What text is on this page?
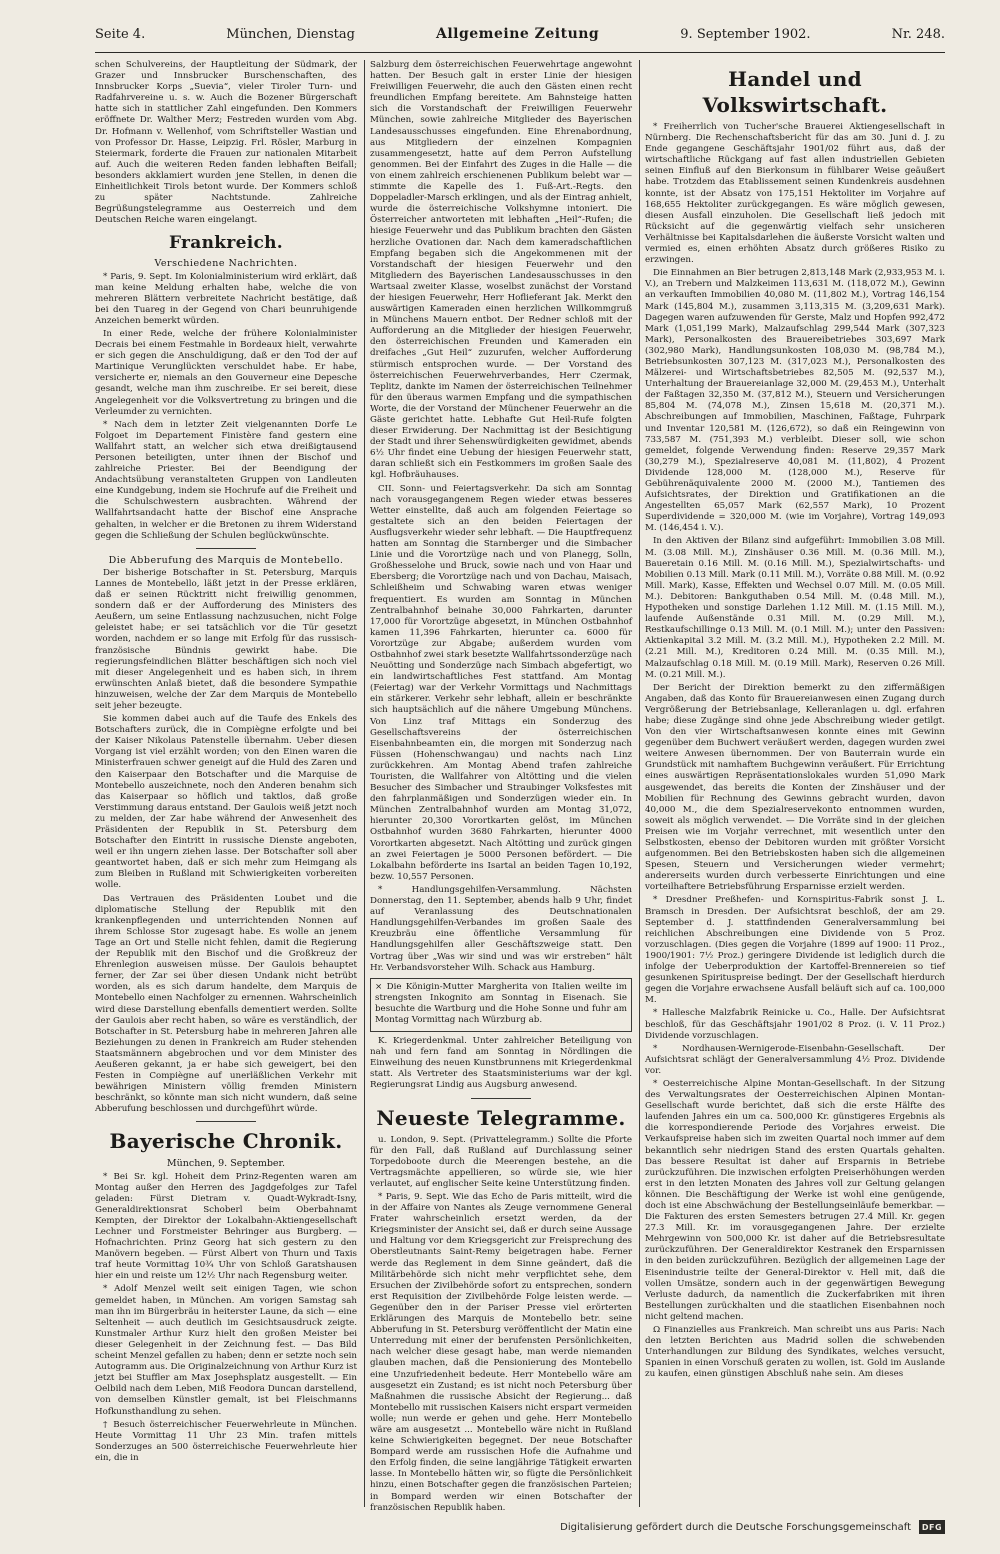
Seite 4.	München, Dienstag	Allgemeine Zeitung	9. September 1902.	Nr. 248.

schen Schulvereins, der Hauptleitung der Südmark, der Grazer und Innsbrucker Burschenschaften, des Innsbrucker Korps „Suevia“, vieler Tiroler Turn- und Radfahrvereine u. s. w. Auch die Bozener Bürgerschaft hatte sich in stattlicher Zahl eingefunden. Den Kommers eröffnete Dr. Walther Merz; Festreden wurden vom Abg. Dr. Hofmann v. Wellenhof, vom Schriftsteller Wastian und von Professor Dr. Hasse, Leipzig. Frl. Rösler, Marburg in Steiermark, forderte die Frauen zur nationalen Mitarbeit auf. Auch die weiteren Reden fanden lebhaften Beifall; besonders akklamiert wurden jene Stellen, in denen die Einheitlichkeit Tirols betont wurde. Der Kommers schloß zu später Nachtstunde. Zahlreiche Begrüßungstelegramme aus Oesterreich und dem Deutschen Reiche waren eingelangt.

Frankreich.
Verschiedene Nachrichten.

* Paris, 9. Sept. Im Kolonialministerium wird erklärt, daß man keine Meldung erhalten habe, welche die von mehreren Blättern verbreitete Nachricht bestätige, daß bei den Tuareg in der Gegend von Chari beunruhigende Anzeichen bemerkt würden.

In einer Rede, welche der frühere Kolonialminister Decrais bei einem Festmahle in Bordeaux hielt, verwahrte er sich gegen die Anschuldigung, daß er den Tod der auf Martinique Verunglückten verschuldet habe. Er habe, versicherte er, niemals an den Gouverneur eine Depesche gesandt, welche man ihm zuschreibe. Er sei bereit, diese Angelegenheit vor die Volksvertretung zu bringen und die Verleumder zu vernichten.

* Nach dem in letzter Zeit vielgenannten Dorfe Le Folgoet im Departement Finistère fand gestern eine Wallfahrt statt, an welcher sich etwa dreißigtausend Personen beteiligten, unter ihnen der Bischof und zahlreiche Priester. Bei der Beendigung der Andachtsübung veranstalteten Gruppen von Landleuten eine Kundgebung, indem sie Hochrufe auf die Freiheit und die Schulschwestern ausbrachten. Während der Wallfahrtsandacht hatte der Bischof eine Ansprache gehalten, in welcher er die Bretonen zu ihrem Widerstand gegen die Schließung der Schulen beglückwünschte.

Die Abberufung des Marquis de Montebello.

Der bisherige Botschafter in St. Petersburg, Marquis Lannes de Montebello, läßt jetzt in der Presse erklären, daß er seinen Rücktritt nicht freiwillig genommen, sondern daß er der Aufforderung des Ministers des Aeußern, um seine Entlassung nachzusuchen, nicht Folge geleistet habe; er sei tatsächlich vor die Tür gesetzt worden, nachdem er so lange mit Erfolg für das russisch-französische Bündnis gewirkt habe. Die regierungsfeindlichen Blätter beschäftigen sich noch viel mit dieser Angelegenheit und es haben sich, in ihrem erwünschten Anlaß bietet, daß die besondere Sympathie hinzuweisen, welche der Zar dem Marquis de Montebello seit jeher bezeugte.

Sie kommen dabei auch auf die Taufe des Enkels des Botschafters zurück, die in Compiègne erfolgte und bei der Kaiser Nikolaus Patenstelle übernahm. Ueber diesen Vorgang ist viel erzählt worden; von den Einen waren die Ministerfrauen schwer geneigt auf die Huld des Zaren und den Kaiserpaar den Botschafter und die Marquise de Montebello auszeichnete, noch den Anderen benahm sich das Kaiserpaar so höflich und taktlos, daß große Verstimmung daraus entstand. Der Gaulois weiß jetzt noch zu melden, der Zar habe während der Anwesenheit des Präsidenten der Republik in St. Petersburg dem Botschafter den Eintritt in russische Dienste angeboten, weil er ihn ungern ziehen lasse. Der Botschafter soll aber geantwortet haben, daß er sich mehr zum Heimgang als zum Bleiben in Rußland mit Schwierigkeiten vorbereiten wolle.

Das Vertrauen des Präsidenten Loubet und die diplomatische Stellung der Republik mit den krankenpflegenden und unterrichtenden Nonnen auf ihrem Schlosse Stor zugesagt habe. Es wolle an jenem Tage an Ort und Stelle nicht fehlen, damit die Regierung der Republik mit den Bischof und die Großkreuz der Ehrenlegion ausweisen müsse. Der Gaulois behauptet ferner, der Zar sei über diesen Undank nicht betrübt worden, als es sich darum handelte, dem Marquis de Montebello einen Nachfolger zu ernennen. Wahrscheinlich wird diese Darstellung ebenfalls dementiert werden. Sollte der Gaulois aber recht haben, so wäre es verständlich, der Botschafter in St. Petersburg habe in mehreren Jahren alle Beziehungen zu denen in Frankreich am Ruder stehenden Staatsmännern abgebrochen und vor dem Minister des Aeußeren gekannt, ja er habe sich geweigert, bei den Festen in Compiègne auf unerläßlichen Verkehr mit bewährigen Ministern völlig fremden Ministern beschränkt, so könnte man sich nicht wundern, daß seine Abberufung beschlossen und durchgeführt würde.

Bayerische Chronik.
München, 9. September.

* Bei Sr. kgl. Hoheit dem Prinz-Regenten waren am Montag außer den Herren des Jagdgefolges zur Tafel geladen: Fürst Dietram v. Quadt-Wykradt-Isny, Generaldirektionsrat Schoberl beim Oberbahnamt Kempten, der Direktor der Lokalbahn-Aktiengesellschaft Lechner und Forstmeister Behringer aus Burgberg. — Hofnachrichten. Prinz Georg hat sich gestern zu den Manövern begeben. — Fürst Albert von Thurn und Taxis traf heute Vormittag 10¾ Uhr von Schloß Garatshausen hier ein und reiste um 12½ Uhr nach Regensburg weiter.

* Adolf Menzel weilt seit einigen Tagen, wie schon gemeldet haben, in München. Am vorigen Samstag sah man ihn im Bürgerbräu in heiterster Laune, da sich — eine Seltenheit — auch deutlich im Gesichtsausdruck zeigte. Kunstmaler Arthur Kurz hielt den großen Meister bei dieser Gelegenheit in der Zeichnung fest. — Das Bild scheint Menzel gefallen zu haben; denn er setzte noch sein Autogramm aus. Die Originalzeichnung von Arthur Kurz ist jetzt bei Stuffler am Max Josephsplatz ausgestellt. — Ein Oelbild nach dem Leben, Miß Feodora Duncan darstellend, von demselben Künstler gemalt, ist bei Fleischmanns Hofkunsthandlung zu sehen.

† Besuch österreichischer Feuerwehrleute in München. Heute Vormittag 11 Uhr 23 Min. trafen mittels Sonderzuges an 500 österreichische Feuerwehrleute hier ein, die in

Salzburg dem österreichischen Feuerwehrtage angewohnt hatten. Der Besuch galt in erster Linie der hiesigen Freiwilligen Feuerwehr, die auch den Gästen einen recht freundlichen Empfang bereitete. Am Bahnsteige hatten sich die Vorstandschaft der Freiwilligen Feuerwehr München, sowie zahlreiche Mitglieder des Bayerischen Landesausschusses eingefunden. Eine Ehrenabordnung, aus Mitgliedern der einzelnen Kompagnien zusammengesetzt, hatte auf dem Perron Aufstellung genommen. Bei der Einfahrt des Zuges in die Halle — die von einem zahlreich erschienenen Publikum belebt war — stimmte die Kapelle des 1. Fuß-Art.-Regts. den Doppeladler-Marsch erklingen, und als der Eintrag anhielt, wurde die österreichische Volkshymne intoniert. Die Österreicher antworteten mit lebhaften „Heil“-Rufen; die hiesige Feuerwehr und das Publikum brachten den Gästen herzliche Ovationen dar. Nach dem kameradschaftlichen Empfang begaben sich die Angekommenen mit der Vorstandschaft der hiesigen Feuerwehr und den Mitgliedern des Bayerischen Landesausschusses in den Wartsaal zweiter Klasse, woselbst zunächst der Vorstand der hiesigen Feuerwehr, Herr Hoflieferant Jak. Merkt den auswärtigen Kameraden einen herzlichen Willkommgruß in Münchens Mauern entbot. Der Redner schloß mit der Aufforderung an die Mitglieder der hiesigen Feuerwehr, den österreichischen Freunden und Kameraden ein dreifaches „Gut Heil“ zuzurufen, welcher Aufforderung stürmisch entsprochen wurde. — Der Vorstand des österreichischen Feuerwehrverbandes, Herr Czermak, Teplitz, dankte im Namen der österreichischen Teilnehmer für den überaus warmen Empfang und die sympathischen Worte, die der Vorstand der Münchener Feuerwehr an die Gäste gerichtet hatte. Lebhafte Gut Heil-Rufe folgten dieser Erwiderung. Der Nachmittag ist der Besichtigung der Stadt und ihrer Sehenswürdigkeiten gewidmet, abends 6½ Uhr findet eine Uebung der hiesigen Feuerwehr statt, daran schließt sich ein Festkommers im großen Saale des kgl. Hofbräuhauses.

CII. Sonn- und Feiertagsverkehr. Da sich am Sonntag nach vorausgegangenem Regen wieder etwas besseres Wetter einstellte, daß auch am folgenden Feiertage so gestaltete sich an den beiden Feiertagen der Ausflugsverkehr wieder sehr lebhaft. — Die Hauptfrequenz hatten am Sonntag die Starnberger und die Simbacher Linie und die Vorortzüge nach und von Planegg, Solln, Großhesselohe und Bruck, sowie nach und von Haar und Ebersberg; die Vorortzüge nach und von Dachau, Maisach, Schleißheim und Schwabing waren etwas weniger frequentiert. Es wurden am Sonntag in München Zentralbahnhof beinahe 30,000 Fahrkarten, darunter 17,000 für Vorortzüge abgesetzt, in München Ostbahnhof kamen 11,396 Fahrkarten, hierunter ca. 6000 für Vorortzüge zur Abgabe; außerdem wurden vom Ostbahnhof zwei stark besetzte Wallfahrtssonderzüge nach Neuötting und Sonderzüge nach Simbach abgefertigt, wo ein landwirtschaftliches Fest stattfand. Am Montag (Feiertag) war der Verkehr Vormittags und Nachmittags ein stärkerer. Verkehr sehr lebhaft, allein er beschränkte sich hauptsächlich auf die nähere Umgebung Münchens. Von Linz traf Mittags ein Sonderzug des Gesellschaftsvereins der österreichischen Eisenbahnbeamten ein, die morgen mit Sonderzug nach Füssen (Hohenschwangau) und nachts nach Linz zurückkehren. Am Montag Abend trafen zahlreiche Touristen, die Wallfahrer von Altötting und die vielen Besucher des Simbacher und Straubinger Volksfestes mit den fahrplanmäßigen und Sonderzügen wieder ein. In München Zentralbahnhof wurden am Montag 31,072, hierunter 20,300 Vorortkarten gelöst, im München Ostbahnhof wurden 3680 Fahrkarten, hierunter 4000 Vorortkarten abgesetzt. Nach Altötting und zurück gingen an zwei Feiertagen je 5000 Personen befördert. — Die Lokalbahn beförderte ins Isartal an beiden Tagen 10,192, bezw. 10,557 Personen.

* Handlungsgehilfen-Versammlung. Nächsten Donnerstag, den 11. September, abends halb 9 Uhr, findet auf Veranlassung des Deutschnationalen Handlungsgehilfen-Verbandes im großen Saale des Kreuzbräu eine öffentliche Versammlung für Handlungsgehilfen aller Geschäftszweige statt. Den Vortrag über „Was wir sind und was wir erstreben“ hält Hr. Verbandsvorsteher Wilh. Schack aus Hamburg.

× Die Königin-Mutter Margherita von Italien weilte im strengsten Inkognito am Sonntag in Eisenach. Sie besuchte die Wartburg und die Hohe Sonne und fuhr am Montag Vormittag nach Würzburg ab.

K. Kriegerdenkmal. Unter zahlreicher Beteiligung von nah und fern fand am Sonntag in Nördlingen die Einweihung des neuen Kunstbrunnens mit Kriegerdenkmal statt. Als Vertreter des Staatsministeriums war der kgl. Regierungsrat Lindig aus Augsburg anwesend.

Neueste Telegramme.

u. London, 9. Sept. (Privattelegramm.) Sollte die Pforte für den Fall, daß Rußland auf Durchlassung seiner Torpedoboote durch die Meerengen bestehe, an die Vertragsmächte appellieren, so würde sie, wie hier verlautet, auf englischer Seite keine Unterstützung finden.

* Paris, 9. Sept. Wie das Echo de Paris mitteilt, wird die in der Affaire von Nantes als Zeuge vernommene General Frater wahrscheinlich ersetzt werden, da der Kriegsminister der Ansicht sei, daß er durch seine Aussage und Haltung vor dem Kriegsgericht zur Freisprechung des Oberstleutnants Saint-Remy beigetragen habe. Ferner werde das Reglement in dem Sinne geändert, daß die Militärbehörde sich nicht mehr verpflichtet sehe, dem Ersuchen der Zivilbehörde sofort zu entsprechen, sondern erst Requisition der Zivilbehörde Folge leisten werde. — Gegenüber den in der Pariser Presse viel erörterten Erklärungen des Marquis de Montebello betr. seine Abberufung in St. Petersburg veröffentlicht der Matin eine Unterredung mit einer der berufensten Persönlichkeiten, nach welcher diese gesagt habe, man werde niemanden glauben machen, daß die Pensionierung des Montebello eine Unzufriedenheit bedeute. Herr Montebello wäre am ausgesetzt ein Zustand; es ist nicht noch Petersburg über Maßnahmen die russische Absicht der Regierung... daß Montebello mit russischen Kaisers nicht erspart vermeiden wolle; nun werde er gehen und gehe. Herr Montebello wäre am ausgesetzt ... Montebello wäre nicht in Rußland keine Schwierigkeiten begegnet. Der neue Botschafter Bompard werde am russischen Hofe die Aufnahme und den Erfolg finden, die seine langjährige Tätigkeit erwarten lasse. In Montebello hätten wir, so fügte die Persönlichkeit hinzu, einen Botschafter gegen die französischen Parteien; in Bompard werden wir einen Botschafter der französischen Republik haben.

Handel und Volkswirtschaft.

* Freiherrlich von Tucher'sche Brauerei Aktiengesellschaft in Nürnberg. Die Rechenschaftsbericht für das am 30. Juni d. J. zu Ende gegangene Geschäftsjahr 1901/02 führt aus, daß der wirtschaftliche Rückgang auf fast allen industriellen Gebieten seinen Einfluß auf den Bierkonsum in fühlbarer Weise geäußert habe. Trotzdem das Etablissement seinen Kundenkreis ausdehnen konnte, ist der Absatz von 175,151 Hektoliter im Vorjahre auf 168,655 Hektoliter zurückgegangen. Es wäre möglich gewesen, diesen Ausfall einzuholen. Die Gesellschaft ließ jedoch mit Rücksicht auf die gegenwärtig vielfach sehr unsicheren Verhältnisse bei Kapitalsdarlehen die äußerste Vorsicht walten und vermied es, einen erhöhten Absatz durch größeres Risiko zu erzwingen.

Die Einnahmen an Bier betrugen 2,813,148 Mark (2,933,953 M. i. V.), an Trebern und Malzkeimen 113,631 M. (118,072 M.), Gewinn an verkauften Immobilien 40,080 M. (11,802 M.), Vortrag 146,154 Mark (145,804 M.), zusammen 3,113,315 M. (3,209,631 Mark). Dagegen waren aufzuwenden für Gerste, Malz und Hopfen 992,472 Mark (1,051,199 Mark), Malzaufschlag 299,544 Mark (307,323 Mark), Personalkosten des Brauereibetriebes 303,697 Mark (302,980 Mark), Handlungsunkosten 108,030 M. (98,784 M.), Betriebsunkosten 307,123 M. (317,023 M.), Personalkosten des Mälzerei- und Wirtschaftsbetriebes 82,505 M. (92,537 M.), Unterhaltung der Brauereianlage 32,000 M. (29,453 M.), Unterhalt der Faßtagen 32,350 M. (37,812 M.), Steuern und Versicherungen 85,804 M. (74,078 M.), Zinsen 15,618 M. (20,371 M.). Abschreibungen auf Immobilien, Maschinen, Faßtage, Fuhrpark und Inventar 120,581 M. (126,672), so daß ein Reingewinn von 733,587 M. (751,393 M.) verbleibt. Dieser soll, wie schon gemeldet, folgende Verwendung finden: Reserve 29,357 Mark (30,279 M.), Spezialreserve 40,081 M. (11,802), 4 Prozent Dividende 128,000 M. (128,000 M.), Reserve für Gebührenäquivalente 2000 M. (2000 M.), Tantiemen des Aufsichtsrates, der Direktion und Gratifikationen an die Angestellten 65,057 Mark (62,557 Mark), 10 Prozent Superdividende = 320,000 M. (wie im Vorjahre), Vortrag 149,093 M. (146,454 i. V.).

In den Aktiven der Bilanz sind aufgeführt: Immobilien 3.08 Mill. M. (3.08 Mill. M.), Zinshäuser 0.36 Mill. M. (0.36 Mill. M.), Baueretain 0.16 Mill. M. (0.16 Mill. M.), Spezialwirtschafts- und Mobilien 0.13 Mill. Mark (0.11 Mill. M.), Vorräte 0.88 Mill. M. (0.92 Mill. Mark), Kasse, Effekten und Wechsel 0.07 Mill. M. (0.05 Mill. M.). Debitoren: Bankguthaben 0.54 Mill. M. (0.48 Mill. M.), Hypotheken und sonstige Darlehen 1.12 Mill. M. (1.15 Mill. M.), laufende Außenstände 0.31 Mill. M. (0.29 Mill. M.), Restkaufschillinge 0.13 Mill. M. (0.1 Mill. M.); unter den Passiven: Aktienkapital 3.2 Mill. M. (3.2 Mill. M.), Hypotheken 2.2 Mill. M. (2.21 Mill. M.), Kreditoren 0.24 Mill. M. (0.35 Mill. M.), Malzaufschlag 0.18 Mill. M. (0.19 Mill. Mark), Reserven 0.26 Mill. M. (0.21 Mill. M.).

Der Bericht der Direktion bemerkt zu den ziffermäßigen Angaben, daß das Konto für Brauereianwesen einen Zugang durch Vergrößerung der Betriebsanlage, Kelleranlagen u. dgl. erfahren habe; diese Zugänge sind ohne jede Abschreibung wieder getilgt. Von den vier Wirtschaftsanwesen konnte eines mit Gewinn gegenüber dem Buchwert veräußert werden, dagegen wurden zwei weitere Anwesen übernommen. Der von Bauterrain wurde ein Grundstück mit namhaftem Buchgewinn veräußert. Für Errichtung eines auswärtigen Repräsentationslokales wurden 51,090 Mark ausgewendet, das bereits die Konten der Zinshäuser und der Mobilien für Rechnung des Gewinns gebracht wurden, davon 40,000 M., die dem Spezialreservekonto entnommen wurden, soweit als möglich verwendet. — Die Vorräte sind in der gleichen Preisen wie im Vorjahr verrechnet, mit wesentlich unter den Selbstkosten, ebenso der Debitoren wurden mit größter Vorsicht aufgenommen. Bei den Betriebskosten haben sich die allgemeinen Spesen, Steuern und Versicherungen wieder vermehrt; andererseits wurden durch verbesserte Einrichtungen und eine vorteilhaftere Betriebsführung Ersparnisse erzielt werden.

* Dresdner Preßhefen- und Kornspiritus-Fabrik sonst J. L. Bramsch in Dresden. Der Aufsichtsrat beschloß, der am 29. September d. J. stattfindenden Generalversammlung bei reichlichen Abschreibungen eine Dividende von 5 Proz. vorzuschlagen. (Dies gegen die Vorjahre (1899 auf 1900: 11 Proz., 1900/1901: 7½ Proz.) geringere Dividende ist lediglich durch die infolge der Ueberproduktion der Kartoffel-Brennereien so tief gesunkenen Spirituspreise bedingt. Der der Gesellschaft hierdurch gegen die Vorjahre erwachsene Ausfall beläuft sich auf ca. 100,000 M.

* Hallesche Malzfabrik Reinicke u. Co., Halle. Der Aufsichtsrat beschloß, für das Geschäftsjahr 1901/02 8 Proz. (i. V. 11 Proz.) Dividende vorzuschlagen.

* Nordhausen-Wernigerode-Eisenbahn-Gesellschaft. Der Aufsichtsrat schlägt der Generalversammlung 4½ Proz. Dividende vor.

* Oesterreichische Alpine Montan-Gesellschaft. In der Sitzung des Verwaltungsrates der Oesterreichischen Alpinen Montan-Gesellschaft wurde berichtet, daß sich die erste Hälfte des laufenden Jahres ein um ca. 500,000 Kr. günstigeres Ergebnis als die korrespondierende Periode des Vorjahres erweist. Die Verkaufspreise haben sich im zweiten Quartal noch immer auf dem bekanntlich sehr niedrigen Stand des ersten Quartals gehalten. Das bessere Resultat ist daher auf Ersparnis in Betriebe zurückzuführen. Die inzwischen erfolgten Preiserhöhungen werden erst in den letzten Monaten des Jahres voll zur Geltung gelangen können. Die Beschäftigung der Werke ist wohl eine genügende, doch ist eine Abschwächung der Bestellungseinläufe bemerkbar. — Die Fakturen des ersten Semesters betrugen 27.4 Mill. Kr. gegen 27.3 Mill. Kr. im vorausgegangenen Jahre. Der erzielte Mehrgewinn von 500,000 Kr. ist daher auf die Betriebsresultate zurückzuführen. Der Generaldirektor Kestranek den Ersparnissen in den beiden zurückzuführen. Bezüglich der allgemeinen Lage der Eisenindustrie teilte der General-Direktor v. Hell mit, daß die vollen Umsätze, sondern auch in der gegenwärtigen Bewegung Verluste dadurch, da namentlich die Zuckerfabriken mit ihren Bestellungen zurückhalten und die staatlichen Eisenbahnen noch nicht geltend machen.

Ω Finanzielles aus Frankreich. Man schreibt uns aus Paris: Nach den letzten Berichten aus Madrid sollen die schwebenden Unterhandlungen zur Bildung des Syndikates, welches versucht, Spanien in einen Vorschuß geraten zu wollen, ist. Gold im Auslande zu kaufen, einen günstigen Abschluß nahe sein. Am dieses

Digitalisierung gefördert durch die Deutsche Forschungsgemeinschaft	DFG
